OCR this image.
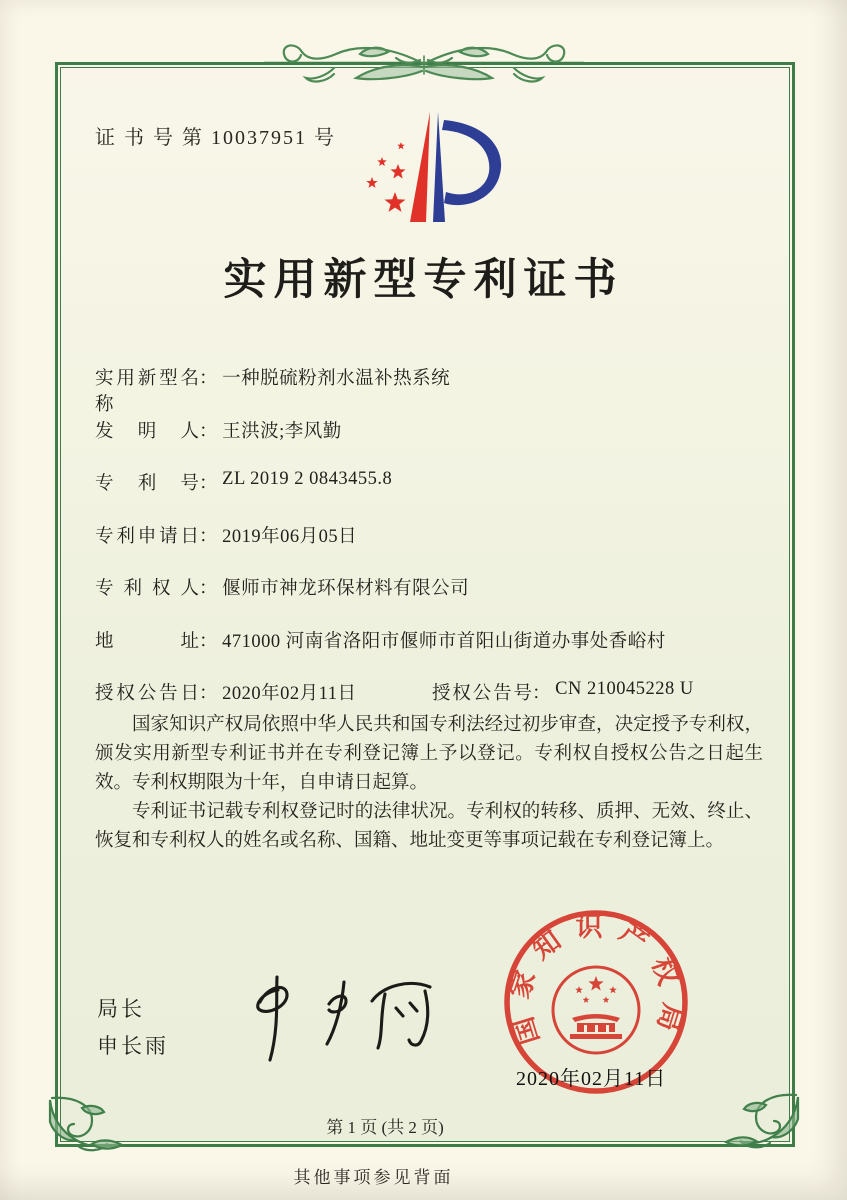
证 书 号 第 10037951 号
实用新型专利证书
实用新型名称： 一种脱硫粉剂水温补热系统
发明人： 王洪波;李风勤
专利号： ZL 2019 2 0843455.8
专利申请日： 2019年06月05日
专利权人： 偃师市神龙环保材料有限公司
地址： 471000 河南省洛阳市偃师市首阳山街道办事处香峪村
授权公告日： 2020年02月11日	授权公告号： CN 210045228 U

国家知识产权局依照中华人民共和国专利法经过初步审查，决定授予专利权，颁发实用新型专利证书并在专利登记簿上予以登记。专利权自授权公告之日起生效。专利权期限为十年，自申请日起算。

专利证书记载专利权登记时的法律状况。专利权的转移、质押、无效、终止、恢复和专利权人的姓名或名称、国籍、地址变更等事项记载在专利登记簿上。

局长
申长雨	国家知识产权局
2020年02月11日
第 1 页 (共 2 页)
其他事项参见背面
